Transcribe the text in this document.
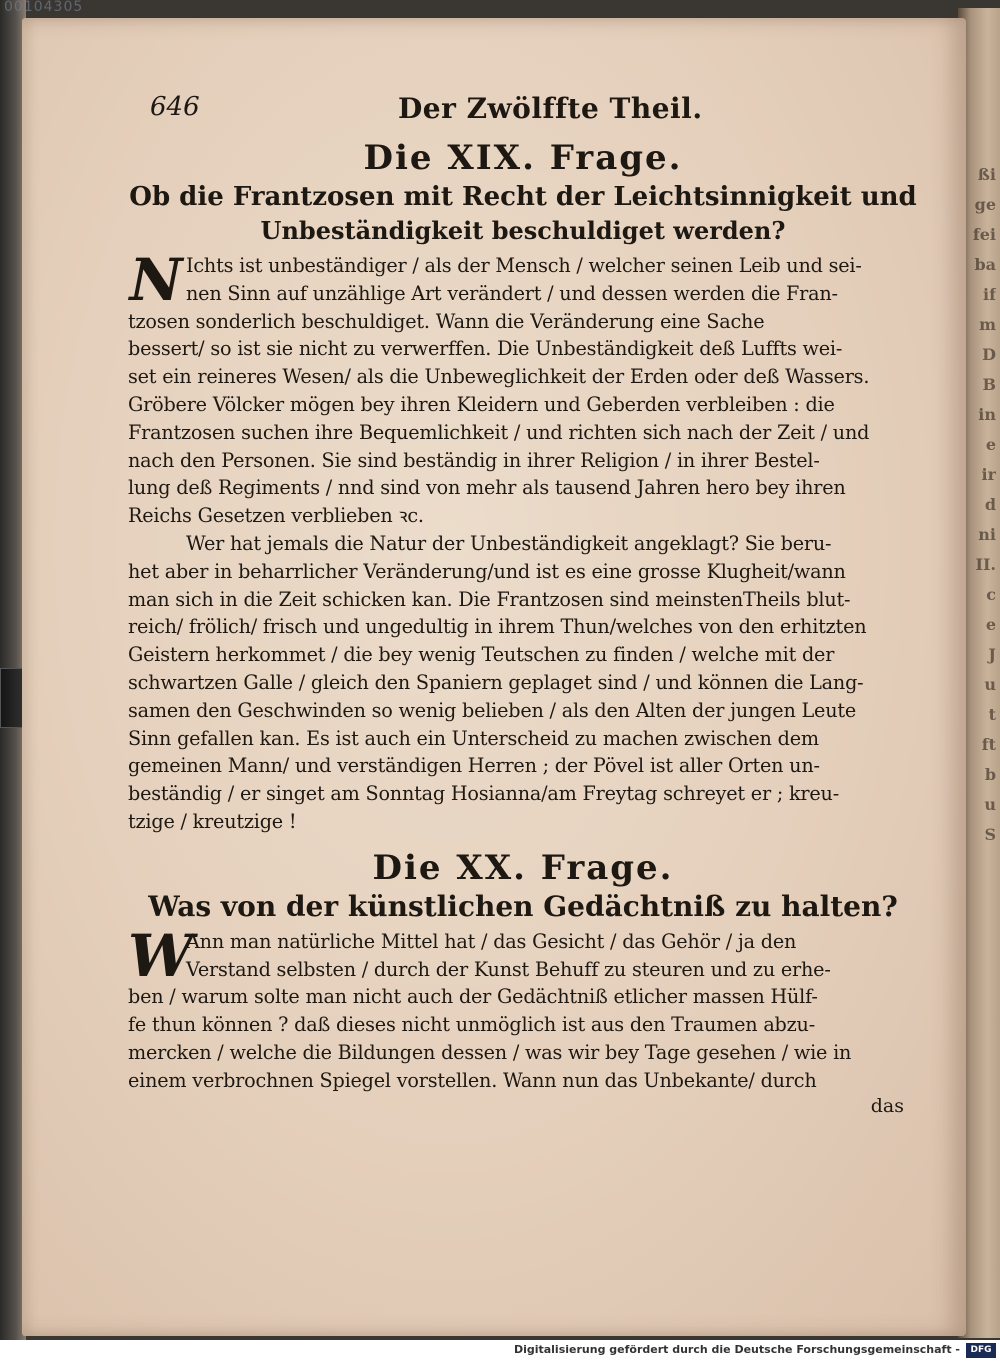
00104305
ßi
ge
fei
ba
if
m
D
B
in
e
ir
d
ni
II. c
e
J
u
t
ft
b
u
S
646	Der Zwölffte Theil.
Die XIX. Frage.

Ob die Frantzosen mit Recht der Leichtsinnigkeit und

Unbeständigkeit beschuldiget werden?

N Ichts ist unbeständiger / als der Mensch / welcher seinen Leib und sei-
nen Sinn auf unzählige Art verändert / und dessen werden die Fran-
tzosen sonderlich beschuldiget. Wann die Veränderung eine Sache
bessert/ so ist sie nicht zu verwerffen. Die Unbeständigkeit deß Luffts wei-
set ein reineres Wesen/ als die Unbeweglichkeit der Erden oder deß Wassers.
Gröbere Völcker mögen bey ihren Kleidern und Geberden verbleiben : die
Frantzosen suchen ihre Bequemlichkeit / und richten sich nach der Zeit / und
nach den Personen. Sie sind beständig in ihrer Religion / in ihrer Bestel-
lung deß Regiments / nnd sind von mehr als tausend Jahren hero bey ihren
Reichs Gesetzen verblieben ꝛc.

Wer hat jemals die Natur der Unbeständigkeit angeklagt? Sie beru-
het aber in beharrlicher Veränderung/und ist es eine grosse Klugheit/wann
man sich in die Zeit schicken kan. Die Frantzosen sind meinstenTheils blut-
reich/ frölich/ frisch und ungedultig in ihrem Thun/welches von den erhitzten
Geistern herkommet / die bey wenig Teutschen zu finden / welche mit der
schwartzen Galle / gleich den Spaniern geplaget sind / und können die Lang-
samen den Geschwinden so wenig belieben / als den Alten der jungen Leute
Sinn gefallen kan. Es ist auch ein Unterscheid zu machen zwischen dem
gemeinen Mann/ und verständigen Herren ; der Pövel ist aller Orten un-
beständig / er singet am Sonntag Hosianna/am Freytag schreyet er ; kreu-
tzige / kreutzige !

Die XX. Frage.

Was von der künstlichen Gedächtniß zu halten?

W

Ann man natürliche Mittel hat / das Gesicht / das Gehör / ja den
Verstand selbsten / durch der Kunst Behuff zu steuren und zu erhe-
ben / warum solte man nicht auch der Gedächtniß etlicher massen Hülf-
fe thun können ? daß dieses nicht unmöglich ist aus den Traumen abzu-
mercken / welche die Bildungen dessen / was wir bey Tage gesehen / wie in
einem verbrochnen Spiegel vorstellen. Wann nun das Unbekante/ durch

das
Digitalisierung gefördert durch die Deutsche Forschungsgemeinschaft -	DFG
